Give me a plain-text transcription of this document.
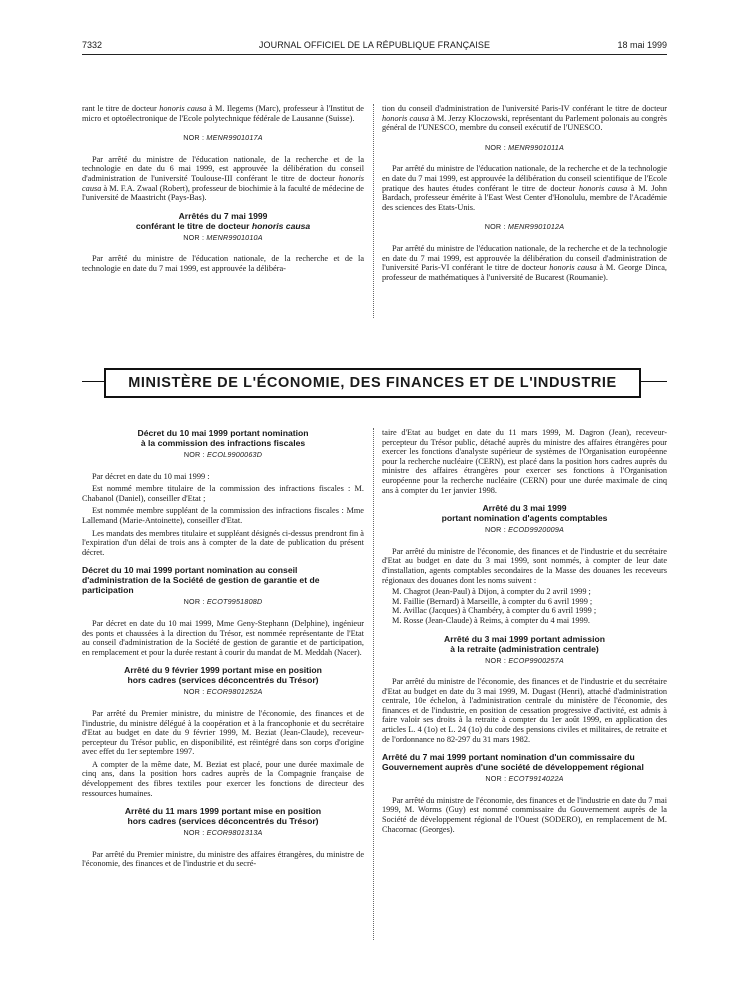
7332	JOURNAL OFFICIEL DE LA RÉPUBLIQUE FRANÇAISE	18 mai 1999

rant le titre de docteur honoris causa à M. Ilegems (Marc), professeur à l'Institut de micro et optoélectronique de l'Ecole polytechnique fédérale de Lausanne (Suisse).

NOR : MENR9901017A

Par arrêté du ministre de l'éducation nationale, de la recherche et de la technologie en date du 6 mai 1999, est approuvée la délibération du conseil d'administration de l'université Toulouse-III conférant le titre de docteur honoris causa à M. F.A. Zwaal (Robert), professeur de biochimie à la faculté de médecine de l'université de Maastricht (Pays-Bas).

Arrêtés du 7 mai 1999
conférant le titre de docteur honoris causa
NOR : MENR9901010A

Par arrêté du ministre de l'éducation nationale, de la recherche et de la technologie en date du 7 mai 1999, est approuvée la délibéra-

tion du conseil d'administration de l'université Paris-IV conférant le titre de docteur honoris causa à M. Jerzy Kloczowski, représentant du Parlement polonais au congrès général de l'UNESCO, membre du conseil exécutif de l'UNESCO.

NOR : MENR9901011A

Par arrêté du ministre de l'éducation nationale, de la recherche et de la technologie en date du 7 mai 1999, est approuvée la délibération du conseil scientifique de l'Ecole pratique des hautes études conférant le titre de docteur honoris causa à M. John Bardach, professeur émérite à l'East West Center d'Honolulu, membre de l'Académie des sciences des Etats-Unis.

NOR : MENR9901012A

Par arrêté du ministre de l'éducation nationale, de la recherche et de la technologie en date du 7 mai 1999, est approuvée la délibération du conseil d'administration de l'université Paris-VI conférant le titre de docteur honoris causa à M. George Dinca, professeur de mathématiques à l'université de Bucarest (Roumanie).

MINISTÈRE DE L'ÉCONOMIE, DES FINANCES ET DE L'INDUSTRIE
Décret du 10 mai 1999 portant nomination
à la commission des infractions fiscales
NOR : ECOL9900063D

Par décret en date du 10 mai 1999 :

Est nommé membre titulaire de la commission des infractions fiscales : M. Chabanol (Daniel), conseiller d'Etat ;

Est nommée membre suppléant de la commission des infractions fiscales : Mme Lallemand (Marie-Antoinette), conseiller d'Etat.

Les mandats des membres titulaire et suppléant désignés ci-dessus prendront fin à l'expiration d'un délai de trois ans à compter de la date de publication du présent décret.

Décret du 10 mai 1999 portant nomination au conseil d'administration de la Société de gestion de garantie et de participation
NOR : ECOT9951808D

Par décret en date du 10 mai 1999, Mme Geny-Stephann (Delphine), ingénieur des ponts et chaussées à la direction du Trésor, est nommée représentante de l'Etat au conseil d'administration de la Société de gestion de garantie et de participation, en remplacement et pour la durée restant à courir du mandat de M. Meddah (Nacer).

Arrêté du 9 février 1999 portant mise en position
hors cadres (services déconcentrés du Trésor)
NOR : ECOR9801252A

Par arrêté du Premier ministre, du ministre de l'économie, des finances et de l'industrie, du ministre délégué à la coopération et à la francophonie et du secrétaire d'Etat au budget en date du 9 février 1999, M. Beziat (Jean-Claude), receveur-percepteur du Trésor public, en disponibilité, est réintégré dans son corps d'origine avec effet du 1er septembre 1997.

A compter de la même date, M. Beziat est placé, pour une durée maximale de cinq ans, dans la position hors cadres auprès de la Compagnie française de développement des fibres textiles pour exercer les fonctions de directeur des ressources humaines.

Arrêté du 11 mars 1999 portant mise en position
hors cadres (services déconcentrés du Trésor)
NOR : ECOR9801313A

Par arrêté du Premier ministre, du ministre des affaires étrangères, du ministre de l'économie, des finances et de l'industrie et du secré-

taire d'Etat au budget en date du 11 mars 1999, M. Dagron (Jean), receveur-percepteur du Trésor public, détaché auprès du ministre des affaires étrangères pour exercer les fonctions d'analyste supérieur de systèmes de l'Organisation européenne pour la recherche nucléaire (CERN), est placé dans la position hors cadres auprès du ministre des affaires étrangères pour exercer ses fonctions à l'Organisation européenne pour la recherche nucléaire (CERN) pour une durée maximale de cinq ans à compter du 1er janvier 1998.

Arrêté du 3 mai 1999
portant nomination d'agents comptables
NOR : ECOD9920009A

Par arrêté du ministre de l'économie, des finances et de l'industrie et du secrétaire d'Etat au budget en date du 3 mai 1999, sont nommés, à compter de leur date d'installation, agents comptables secondaires de la Masse des douanes les receveurs régionaux des douanes dont les noms suivent :

M. Chagrot (Jean-Paul) à Dijon, à compter du 2 avril 1999 ;

M. Faillie (Bernard) à Marseille, à compter du 6 avril 1999 ;

M. Avillac (Jacques) à Chambéry, à compter du 6 avril 1999 ;

M. Rosse (Jean-Claude) à Reims, à compter du 4 mai 1999.

Arrêté du 3 mai 1999 portant admission
à la retraite (administration centrale)
NOR : ECOP9900257A

Par arrêté du ministre de l'économie, des finances et de l'industrie et du secrétaire d'Etat au budget en date du 3 mai 1999, M. Dugast (Henri), attaché d'administration centrale, 10e échelon, à l'administration centrale du ministère de l'économie, des finances et de l'industrie, en position de cessation progressive d'activité, est admis à faire valoir ses droits à la retraite à compter du 1er août 1999, en application des articles L. 4 (1o) et L. 24 (1o) du code des pensions civiles et militaires, de retraite et de l'ordonnance no 82-297 du 31 mars 1982.

Arrêté du 7 mai 1999 portant nomination d'un commissaire du Gouvernement auprès d'une société de développement régional
NOR : ECOT9914022A

Par arrêté du ministre de l'économie, des finances et de l'industrie en date du 7 mai 1999, M. Worms (Guy) est nommé commissaire du Gouvernement auprès de la Société de développement régional de l'Ouest (SODERO), en remplacement de M. Chacornac (Georges).
